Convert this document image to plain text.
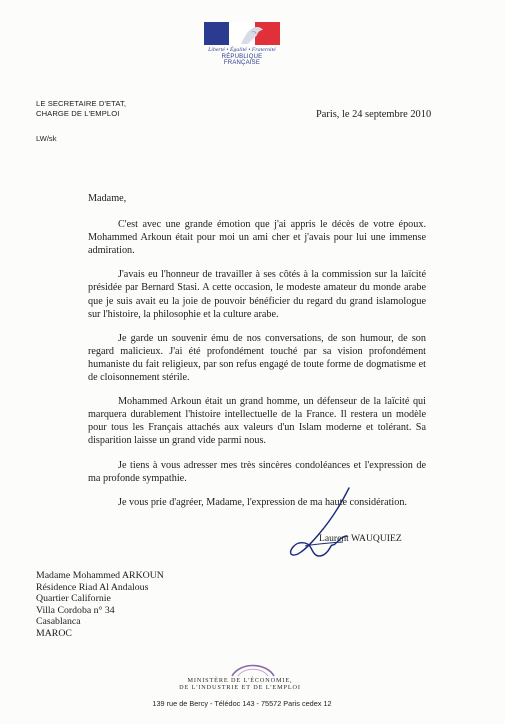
Liberté • Égalité • Fraternité
RÉPUBLIQUE FRANÇAISE
LE SECRETAIRE D'ETAT,
CHARGE DE L'EMPLOI
LW/sk
Paris, le 24 septembre 2010

Madame,

C'est avec une grande émotion que j'ai appris le décès de votre époux. Mohammed Arkoun était pour moi un ami cher et j'avais pour lui une immense admiration.

J'avais eu l'honneur de travailler à ses côtés à la commission sur la laïcité présidée par Bernard Stasi. A cette occasion, le modeste amateur du monde arabe que je suis avait eu la joie de pouvoir bénéficier du regard du grand islamologue sur l'histoire, la philosophie et la culture arabe.

Je garde un souvenir ému de nos conversations, de son humour, de son regard malicieux. J'ai été profondément touché par sa vision profondément humaniste du fait religieux, par son refus engagé de toute forme de dogmatisme et de cloisonnement stérile.

Mohammed Arkoun était un grand homme, un défenseur de la laïcité qui marquera durablement l'histoire intellectuelle de la France. Il restera un modèle pour tous les Français attachés aux valeurs d'un Islam moderne et tolérant. Sa disparition laisse un grand vide parmi nous.

Je tiens à vous adresser mes très sincères condoléances et l'expression de ma profonde sympathie.

Je vous prie d'agréer, Madame, l'expression de ma haute considération.

Laurent WAUQUIEZ
Madame Mohammed ARKOUN
Résidence Riad Al Andalous
Quartier Californie
Villa Cordoba n° 34
Casablanca
MAROC
MINISTÈRE DE L'ÉCONOMIE,
DE L'INDUSTRIE ET DE L'EMPLOI
139 rue de Bercy - Télédoc 143 - 75572 Paris cedex 12
